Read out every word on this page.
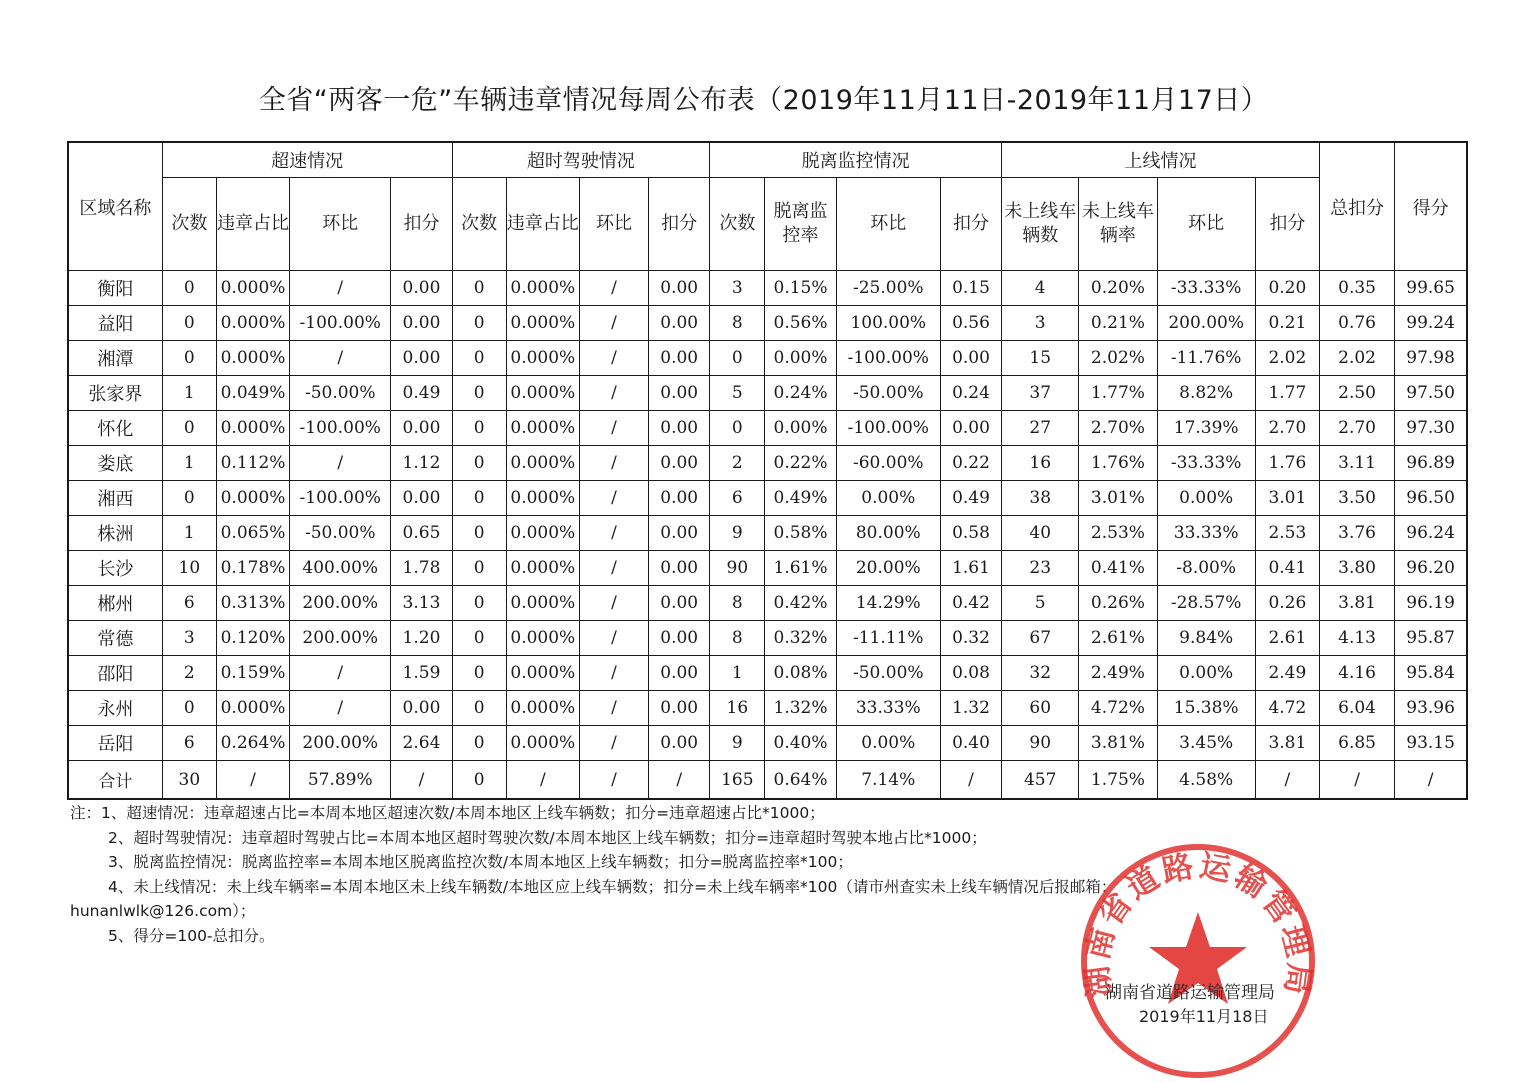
全省“两客一危”车辆违章情况每周公布表（2019年11月11日-2019年11月17日）
区域名称	超速情况				超时驾驶情况				脱离监控情况				上线情况				总扣分	得分
	次数	违章占比	环比	扣分	次数	违章占比	环比	扣分	次数	脱离监控率	环比	扣分	未上线车辆数	未上线车辆率	环比	扣分		
衡阳	0	0.000%	/	0.00	0	0.000%	/	0.00	3	0.15%	-25.00%	0.15	4	0.20%	-33.33%	0.20	0.35	99.65
益阳	0	0.000%	-100.00%	0.00	0	0.000%	/	0.00	8	0.56%	100.00%	0.56	3	0.21%	200.00%	0.21	0.76	99.24
湘潭	0	0.000%	/	0.00	0	0.000%	/	0.00	0	0.00%	-100.00%	0.00	15	2.02%	-11.76%	2.02	2.02	97.98
张家界	1	0.049%	-50.00%	0.49	0	0.000%	/	0.00	5	0.24%	-50.00%	0.24	37	1.77%	8.82%	1.77	2.50	97.50
怀化	0	0.000%	-100.00%	0.00	0	0.000%	/	0.00	0	0.00%	-100.00%	0.00	27	2.70%	17.39%	2.70	2.70	97.30
娄底	1	0.112%	/	1.12	0	0.000%	/	0.00	2	0.22%	-60.00%	0.22	16	1.76%	-33.33%	1.76	3.11	96.89
湘西	0	0.000%	-100.00%	0.00	0	0.000%	/	0.00	6	0.49%	0.00%	0.49	38	3.01%	0.00%	3.01	3.50	96.50
株洲	1	0.065%	-50.00%	0.65	0	0.000%	/	0.00	9	0.58%	80.00%	0.58	40	2.53%	33.33%	2.53	3.76	96.24
长沙	10	0.178%	400.00%	1.78	0	0.000%	/	0.00	90	1.61%	20.00%	1.61	23	0.41%	-8.00%	0.41	3.80	96.20
郴州	6	0.313%	200.00%	3.13	0	0.000%	/	0.00	8	0.42%	14.29%	0.42	5	0.26%	-28.57%	0.26	3.81	96.19
常德	3	0.120%	200.00%	1.20	0	0.000%	/	0.00	8	0.32%	-11.11%	0.32	67	2.61%	9.84%	2.61	4.13	95.87
邵阳	2	0.159%	/	1.59	0	0.000%	/	0.00	1	0.08%	-50.00%	0.08	32	2.49%	0.00%	2.49	4.16	95.84
永州	0	0.000%	/	0.00	0	0.000%	/	0.00	16	1.32%	33.33%	1.32	60	4.72%	15.38%	4.72	6.04	93.96
岳阳	6	0.264%	200.00%	2.64	0	0.000%	/	0.00	9	0.40%	0.00%	0.40	90	3.81%	3.45%	3.81	6.85	93.15
合计	30	/	57.89%	/	0	/	/	/	165	0.64%	7.14%	/	457	1.75%	4.58%	/	/	/
注：1、超速情况：违章超速占比=本周本地区超速次数/本周本地区上线车辆数；扣分=违章超速占比*1000；
2、超时驾驶情况：违章超时驾驶占比=本周本地区超时驾驶次数/本周本地区上线车辆数；扣分=违章超时驾驶本地占比*1000；
3、脱离监控情况：脱离监控率=本周本地区脱离监控次数/本周本地区上线车辆数；扣分=脱离监控率*100；
4、未上线情况：未上线车辆率=本周本地区未上线车辆数/本地区应上线车辆数；扣分=未上线车辆率*100（请市州查实未上线车辆情况后报邮箱：
hunanlwlk@126.com）；
5、得分=100-总扣分。
湖南省道路运输管理局
湖南省道路运输管理局
2019年11月18日
